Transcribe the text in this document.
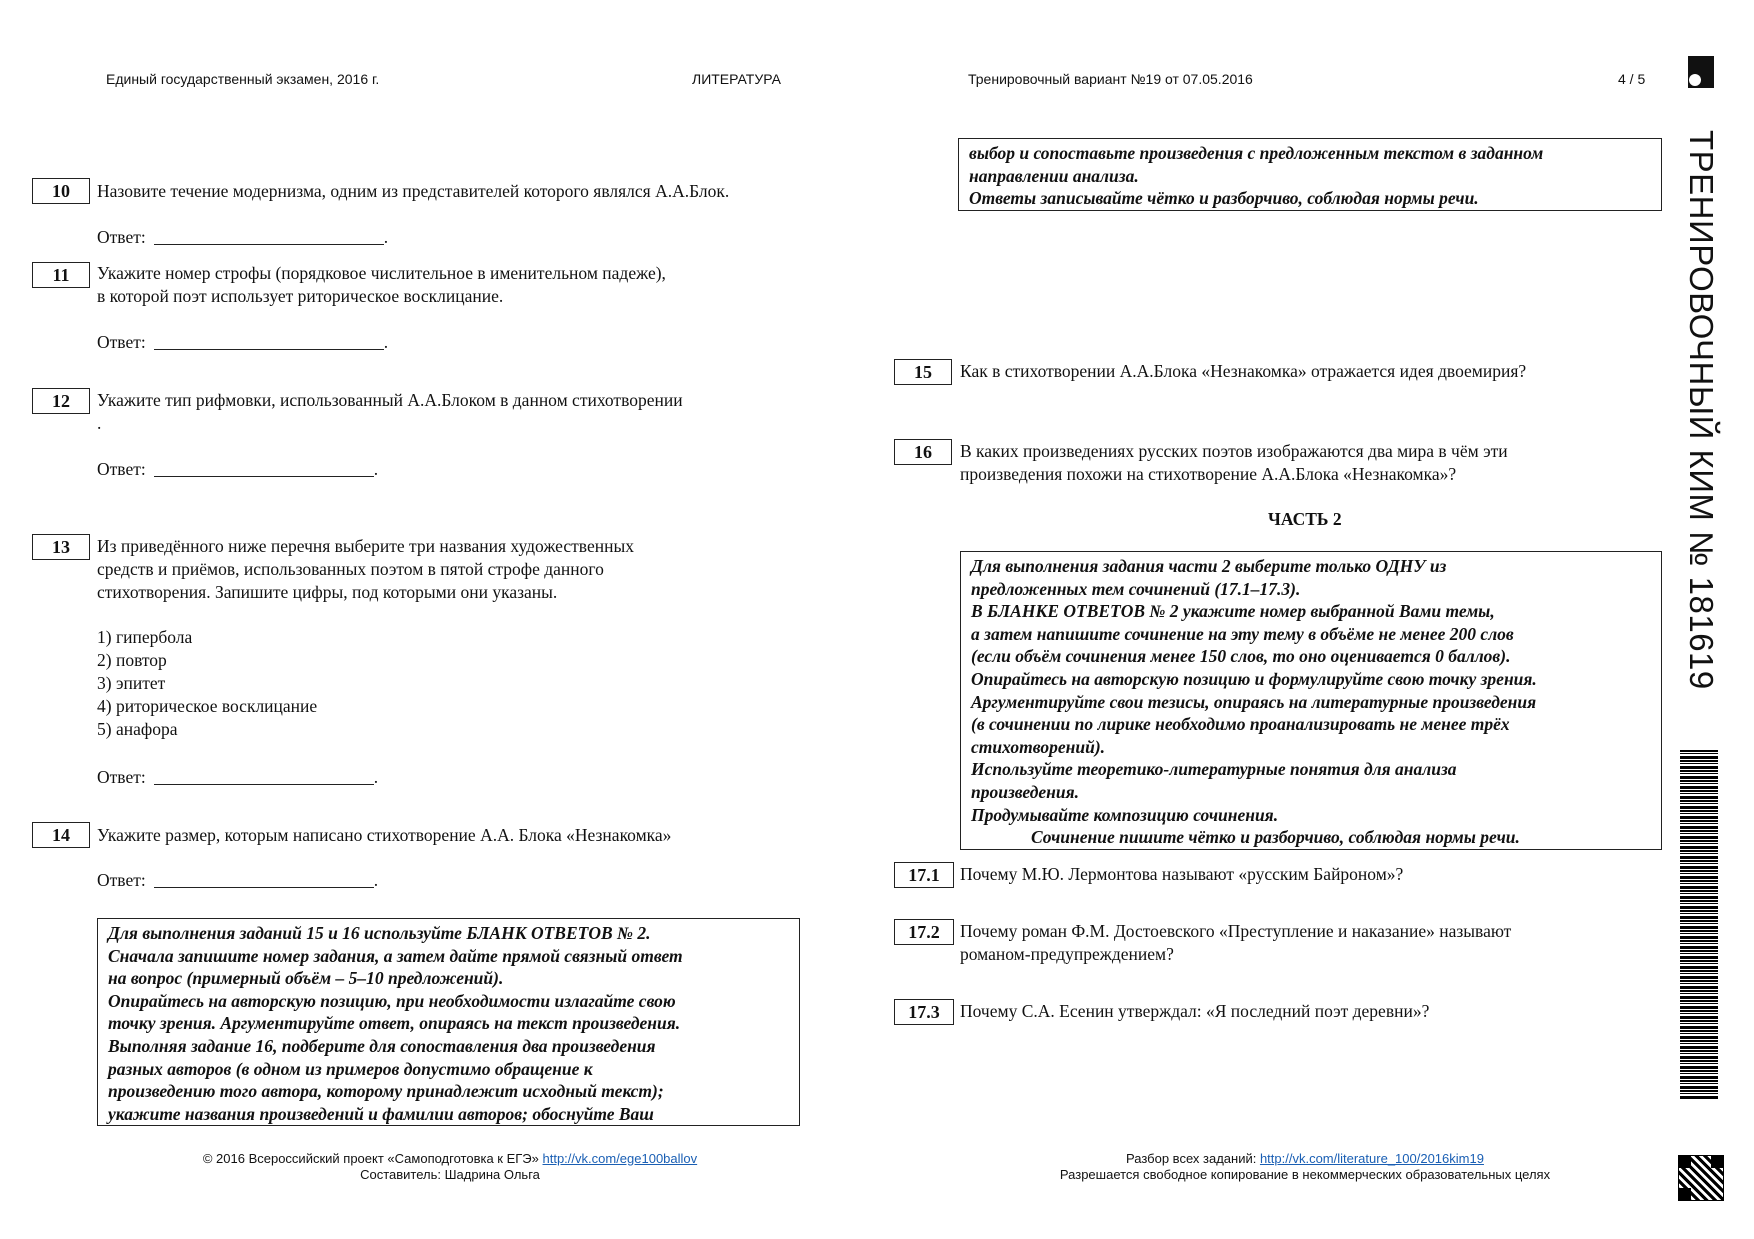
Единый государственный экзамен, 2016 г.	ЛИТЕРАТУРА	Тренировочный вариант №19 от 07.05.2016	4 / 5
ТРЕНИРОВОЧНЫЙ КИМ № 181619
10	Назовите течение модернизма, одним из представителей которого являлся А.А.Блок.
Ответ:	.
11	Укажите номер строфы (порядковое числительное в именительном падеже),
в которой поэт использует риторическое восклицание.
Ответ:	.
12	Укажите тип рифмовки, использованный А.А.Блоком в данном стихотворении
.
Ответ:	.
13	Из приведённого ниже перечня выберите три названия художественных
средств и приёмов, использованных поэтом в пятой строфе данного
стихотворения. Запишите цифры, под которыми они указаны.
1) гипербола
2) повтор
3) эпитет
4) риторическое восклицание
5) анафора
Ответ:	.
14	Укажите размер, которым написано стихотворение А.А. Блока «Незнакомка»
Ответ:	.
Для выполнения заданий 15 и 16 используйте БЛАНК ОТВЕТОВ № 2.
Сначала запишите номер задания, а затем дайте прямой связный ответ
на вопрос (примерный объём – 5–10 предложений).
Опирайтесь на авторскую позицию, при необходимости излагайте свою
точку зрения. Аргументируйте ответ, опираясь на текст произведения.
Выполняя задание 16, подберите для сопоставления два произведения
разных авторов (в одном из примеров допустимо обращение к
произведению того автора, которому принадлежит исходный текст);
укажите названия произведений и фамилии авторов; обоснуйте Ваш
выбор и сопоставьте произведения с предложенным текстом в заданном
направлении анализа.
Ответы записывайте чётко и разборчиво, соблюдая нормы речи.
15	Как в стихотворении А.А.Блока «Незнакомка» отражается идея двоемирия?
16	В каких произведениях русских поэтов изображаются два мира в чём эти
произведения похожи на стихотворение А.А.Блока «Незнакомка»?
ЧАСТЬ 2
Для выполнения задания части 2 выберите только ОДНУ из
предложенных тем сочинений (17.1–17.3).
В БЛАНКЕ ОТВЕТОВ № 2 укажите номер выбранной Вами темы,
а затем напишите сочинение на эту тему в объёме не менее 200 слов
(если объём сочинения менее 150 слов, то оно оценивается 0 баллов).
Опирайтесь на авторскую позицию и формулируйте свою точку зрения.
Аргументируйте свои тезисы, опираясь на литературные произведения
(в сочинении по лирике необходимо проанализировать не менее трёх
стихотворений).
Используйте теоретико-литературные понятия для анализа
произведения.
Продумывайте композицию сочинения.
Сочинение пишите чётко и разборчиво, соблюдая нормы речи.
17.1	Почему М.Ю. Лермонтова называют «русским Байроном»?
17.2	Почему роман Ф.М. Достоевского «Преступление и наказание» называют
романом-предупреждением?
17.3	Почему С.А. Есенин утверждал: «Я последний поэт деревни»?
© 2016 Всероссийский проект «Самоподготовка к ЕГЭ» http://vk.com/ege100ballov
Составитель: Шадрина Ольга
Разбор всех заданий: http://vk.com/literature_100/2016kim19
Разрешается свободное копирование в некоммерческих образовательных целях
